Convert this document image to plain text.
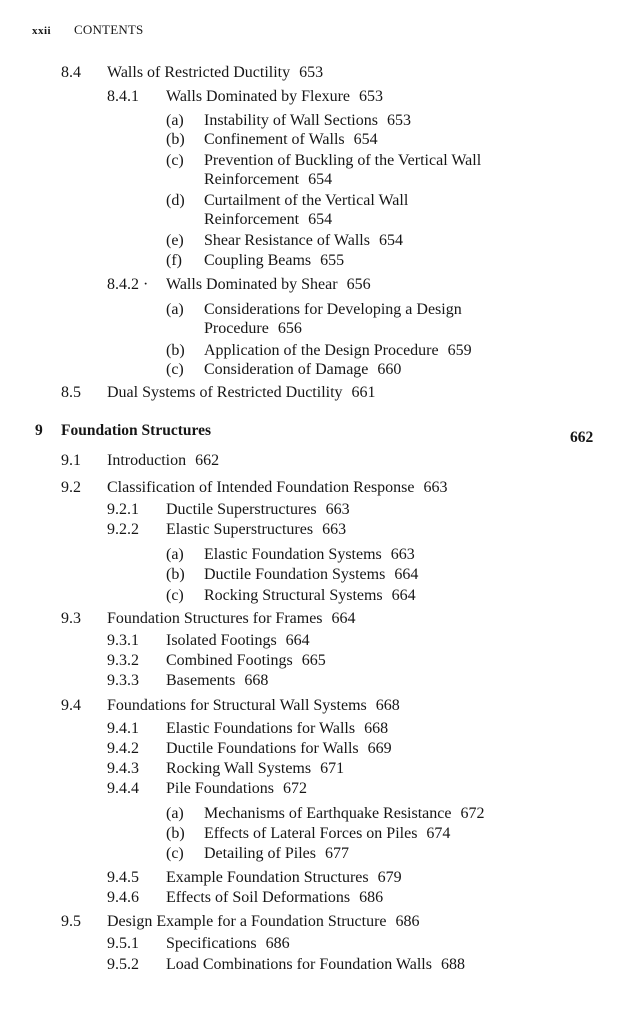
xxii CONTENTS
8.4 Walls of Restricted Ductility 653
8.4.1 Walls Dominated by Flexure 653
(a) Instability of Wall Sections 653
(b) Confinement of Walls 654
(c) Prevention of Buckling of the Vertical Wall
Reinforcement 654
(d) Curtailment of the Vertical Wall
Reinforcement 654
(e) Shear Resistance of Walls 654
(f) Coupling Beams 655
8.4.2 · Walls Dominated by Shear 656
(a) Considerations for Developing a Design
Procedure 656
(b) Application of the Design Procedure 659
(c) Consideration of Damage 660
8.5 Dual Systems of Restricted Ductility 661
9 Foundation Structures	662
9.1 Introduction 662
9.2 Classification of Intended Foundation Response 663
9.2.1 Ductile Superstructures 663
9.2.2 Elastic Superstructures 663
(a) Elastic Foundation Systems 663
(b) Ductile Foundation Systems 664
(c) Rocking Structural Systems 664
9.3 Foundation Structures for Frames 664
9.3.1 Isolated Footings 664
9.3.2 Combined Footings 665
9.3.3 Basements 668
9.4 Foundations for Structural Wall Systems 668
9.4.1 Elastic Foundations for Walls 668
9.4.2 Ductile Foundations for Walls 669
9.4.3 Rocking Wall Systems 671
9.4.4 Pile Foundations 672
(a) Mechanisms of Earthquake Resistance 672
(b) Effects of Lateral Forces on Piles 674
(c) Detailing of Piles 677
9.4.5 Example Foundation Structures 679
9.4.6 Effects of Soil Deformations 686
9.5 Design Example for a Foundation Structure 686
9.5.1 Specifications 686
9.5.2 Load Combinations for Foundation Walls 688
